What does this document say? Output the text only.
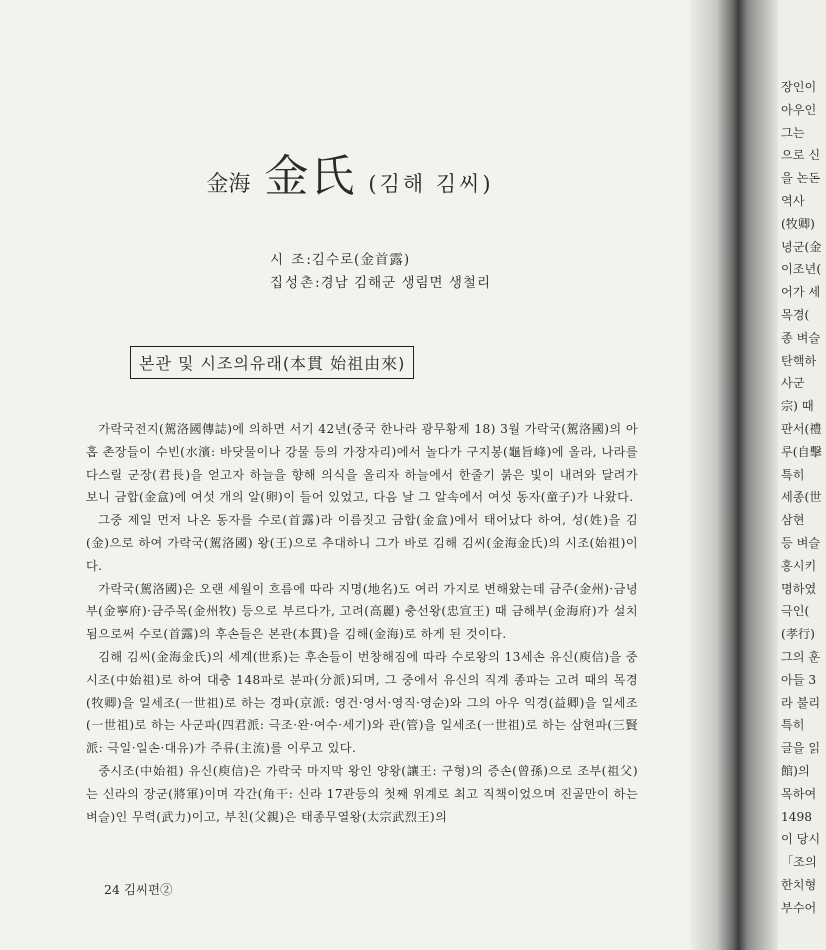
金海 金氏 (김해 김씨)
시 조:김수로(金首露)
집성촌:경남 김해군 생림면 생철리
본관 및 시조의유래(本貫 始祖由來)

가락국전지(駕洛國傳誌)에 의하면 서기 42년(중국 한나라 광무황제 18) 3월 가락국(駕洛國)의 아홉 촌장들이 수빈(水濱: 바닷물이나 강물 등의 가장자리)에서 놀다가 구지봉(龜旨峰)에 올라, 나라를 다스릴 군장(君長)을 얻고자 하늘을 향해 의식을 올리자 하늘에서 한줄기 붉은 빛이 내려와 달려가 보니 금합(金盒)에 여섯 개의 알(卵)이 들어 있었고, 다음 날 그 알속에서 여섯 동자(童子)가 나왔다.

그중 제일 먼저 나온 동자를 수로(首露)라 이름짓고 금합(金盒)에서 태어났다 하여, 성(姓)을 김(金)으로 하여 가락국(駕洛國) 왕(王)으로 추대하니 그가 바로 김해 김씨(金海金氏)의 시조(始祖)이다.

가락국(駕洛國)은 오랜 세월이 흐름에 따라 지명(地名)도 여러 가지로 변해왔는데 금주(金州)·금녕부(金寧府)·금주목(金州牧) 등으로 부르다가, 고려(高麗) 충선왕(忠宣王) 때 금해부(金海府)가 설치됨으로써 수로(首露)의 후손들은 본관(本貫)을 김해(金海)로 하게 된 것이다.

김해 김씨(金海金氏)의 세계(世系)는 후손들이 번창해짐에 따라 수로왕의 13세손 유신(庾信)을 중시조(中始祖)로 하여 대충 148파로 분파(分派)되며, 그 중에서 유신의 직계 종파는 고려 때의 목경(牧卿)을 일세조(一世祖)로 하는 경파(京派: 영건·영서·영직·영순)와 그의 아우 익경(益卿)을 일세조(一世祖)로 하는 사군파(四君派: 극조·완·여수·세기)와 관(管)을 일세조(一世祖)로 하는 삼현파(三賢派: 극일·일손·대유)가 주류(主流)를 이루고 있다.

중시조(中始祖) 유신(庾信)은 가락국 마지막 왕인 양왕(讓王: 구형)의 증손(曾孫)으로 조부(祖父)는 신라의 장군(將軍)이며 각간(角干: 신라 17관등의 첫째 위계로 최고 직책이었으며 진골만이 하는 벼슬)인 무력(武力)이고, 부친(父親)은 태종무열왕(太宗武烈王)의

24 김씨편②
장인이
아우인
그는
으로 신
을 논돈
역사
(牧卿)
녕군(金
이조년(
어가 세
목경(
종 벼슬
탄핵하
사군
宗) 때
판서(禮
루(自擊
특히
세종(世
삼현
등 벼슬
홍시키
명하였
극인(
(孝行)
그의 훈
아들 3
라 불리
특히
글을 읽
館)의
목하여
1498
이 당시
「조의
한치형
부수어
